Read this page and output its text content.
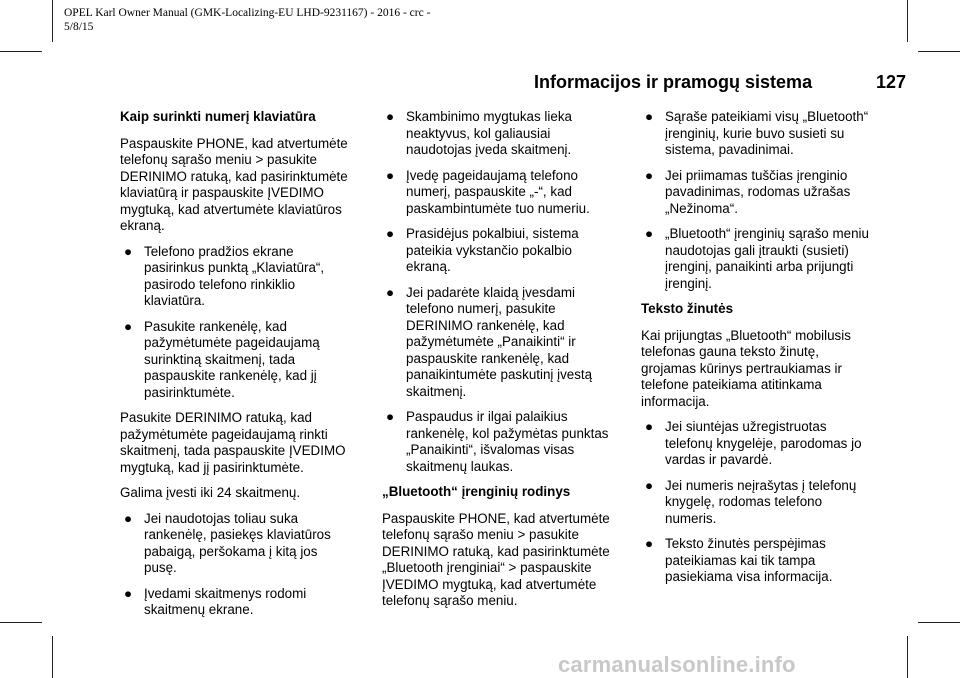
OPEL Karl Owner Manual (GMK-Localizing-EU LHD-9231167) - 2016 - crc -
5/8/15
Informacijos ir pramogų sistema	127
Kaip surinkti numerį klaviatūra
Paspauskite PHONE, kad atvertumėte telefonų sąrašo meniu > pasukite DERINIMO ratuką, kad pasirinktumėte klaviatūrą ir paspauskite ĮVEDIMO mygtuką, kad atvertumėte klaviatūros ekraną.
● Telefono pradžios ekrane pasirinkus punktą „Klaviatūra“, pasirodo telefono rinkiklio klaviatūra.
● Pasukite rankenėlę, kad pažymėtumėte pageidaujamą surinktiną skaitmenį, tada paspauskite rankenėlę, kad jį pasirinktumėte.
Pasukite DERINIMO ratuką, kad pažymėtumėte pageidaujamą rinkti skaitmenį, tada paspauskite ĮVEDIMO mygtuką, kad jį pasirinktumėte.
Galima įvesti iki 24 skaitmenų.
● Jei naudotojas toliau suka rankenėlę, pasiekęs klaviatūros pabaigą, peršokama į kitą jos pusę.
● Įvedami skaitmenys rodomi skaitmenų ekrane.
● Skambinimo mygtukas lieka neaktyvus, kol galiausiai naudotojas įveda skaitmenį.
● Įvedę pageidaujamą telefono numerį, paspauskite „-“, kad paskambintumėte tuo numeriu.
● Prasidėjus pokalbiui, sistema pateikia vykstančio pokalbio ekraną.
● Jei padarėte klaidą įvesdami telefono numerį, pasukite DERINIMO rankenėlę, kad pažymėtumėte „Panaikinti“ ir paspauskite rankenėlę, kad panaikintumėte paskutinį įvestą skaitmenį.
● Paspaudus ir ilgai palaikius rankenėlę, kol pažymėtas punktas „Panaikinti“, išvalomas visas skaitmenų laukas.
„Bluetooth“ įrenginių rodinys
Paspauskite PHONE, kad atvertumėte telefonų sąrašo meniu > pasukite DERINIMO ratuką, kad pasirinktumėte „Bluetooth įrenginiai“ > paspauskite ĮVEDIMO mygtuką, kad atvertumėte telefonų sąrašo meniu.
● Sąraše pateikiami visų „Bluetooth“ įrenginių, kurie buvo susieti su sistema, pavadinimai.
● Jei priimamas tuščias įrenginio pavadinimas, rodomas užrašas „Nežinoma“.
● „Bluetooth“ įrenginių sąrašo meniu naudotojas gali įtraukti (susieti) įrenginį, panaikinti arba prijungti įrenginį.
Teksto žinutės
Kai prijungtas „Bluetooth“ mobilusis telefonas gauna teksto žinutę, grojamas kūrinys pertraukiamas ir telefone pateikiama atitinkama informacija.
● Jei siuntėjas užregistruotas telefonų knygelėje, parodomas jo vardas ir pavardė.
● Jei numeris neįrašytas į telefonų knygelę, rodomas telefono numeris.
● Teksto žinutės perspėjimas pateikiamas kai tik tampa pasiekiama visa informacija.
carmanualsonline.info
